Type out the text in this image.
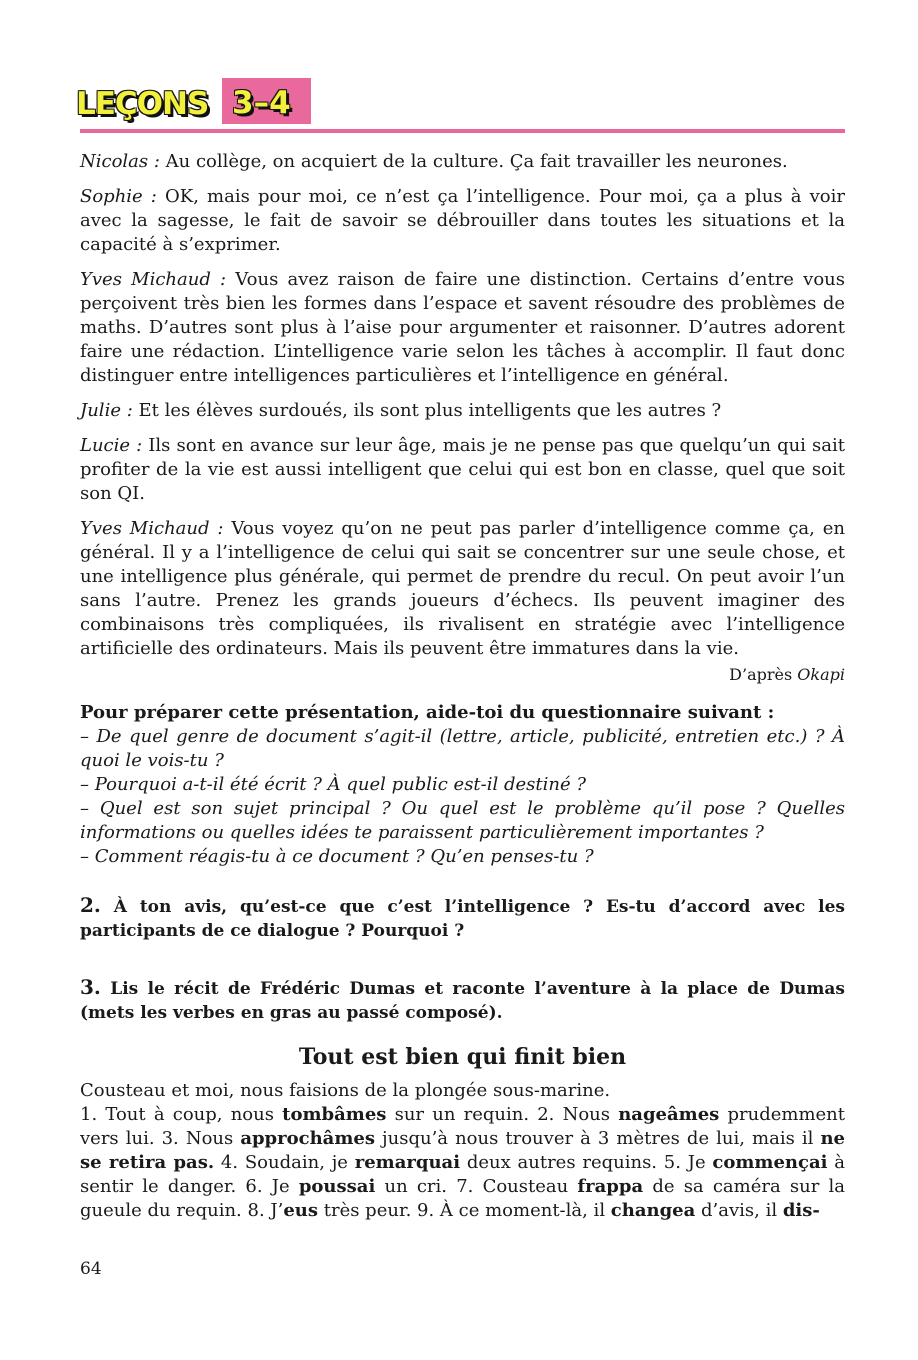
LEÇONS 3–4

Nicolas : Au collège, on acquiert de la culture. Ça fait travailler les neurones.

Sophie : OK, mais pour moi, ce n’est ça l’intelligence. Pour moi, ça a plus à voir avec la sagesse, le fait de savoir se débrouiller dans toutes les situations et la capacité à s’exprimer.

Yves Michaud : Vous avez raison de faire une distinction. Certains d’entre vous perçoivent très bien les formes dans l’espace et savent résoudre des problèmes de maths. D’autres sont plus à l’aise pour argumenter et raisonner. D’autres adorent faire une rédaction. L’intelligence varie selon les tâches à accomplir. Il faut donc distinguer entre intelligences particulières et l’intelligence en général.

Julie : Et les élèves surdoués, ils sont plus intelligents que les autres ?

Lucie : Ils sont en avance sur leur âge, mais je ne pense pas que quelqu’un qui sait profiter de la vie est aussi intelligent que celui qui est bon en classe, quel que soit son QI.

Yves Michaud : Vous voyez qu’on ne peut pas parler d’intelligence comme ça, en général. Il y a l’intelligence de celui qui sait se concentrer sur une seule chose, et une intelligence plus générale, qui permet de prendre du recul. On peut avoir l’un sans l’autre. Prenez les grands joueurs d’échecs. Ils peuvent imaginer des combinaisons très compliquées, ils rivalisent en stratégie avec l’intelligence artificielle des ordinateurs. Mais ils peuvent être immatures dans la vie.

D’après Okapi

Pour préparer cette présentation, aide-toi du questionnaire suivant :

– De quel genre de document s’agit-il (lettre, article, publicité, entretien etc.) ? À quoi le vois-tu ?

– Pourquoi a-t-il été écrit ? À quel public est-il destiné ?

– Quel est son sujet principal ? Ou quel est le problème qu’il pose ? Quelles informations ou quelles idées te paraissent particulièrement importantes ?

– Comment réagis-tu à ce document ? Qu’en penses-tu ?

2. À ton avis, qu’est-ce que c’est l’intelligence ? Es-tu d’accord avec les participants de ce dialogue ? Pourquoi ?

3. Lis le récit de Frédéric Dumas et raconte l’aventure à la place de Dumas (mets les verbes en gras au passé composé).

Tout est bien qui finit bien

Cousteau et moi, nous faisions de la plongée sous-marine.

1. Tout à coup, nous tombâmes sur un requin. 2. Nous nageâmes prudemment vers lui. 3. Nous approchâmes jusqu’à nous trouver à 3 mètres de lui, mais il ne se retira pas. 4. Soudain, je remarquai deux autres requins. 5. Je commençai à sentir le danger. 6. Je poussai un cri. 7. Cousteau frappa de sa caméra sur la gueule du requin. 8. J’eus très peur. 9. À ce moment-là, il changea d’avis, il dis-

64
